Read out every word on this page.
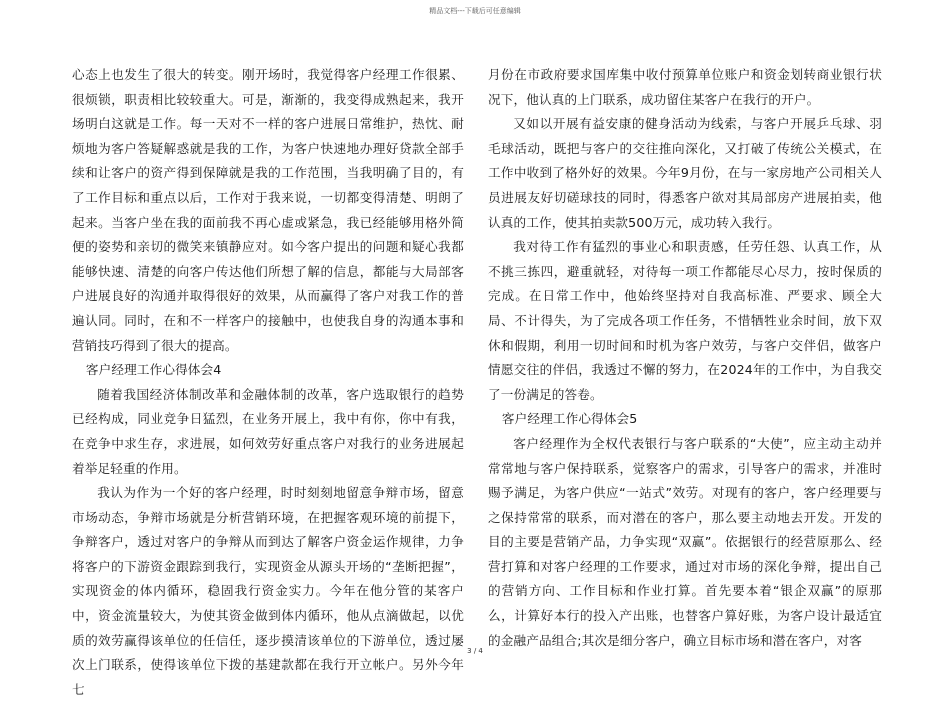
精品文档---下载后可任意编辑

心态上也发生了很大的转变。刚开场时，我觉得客户经理工作很累、很烦锁，职责相比较较重大。可是，渐渐的，我变得成熟起来，我开场明白这就是工作。每一天对不一样的客户进展日常维护，热忱、耐烦地为客户答疑解惑就是我的工作，为客户快速地办理好贷款全部手续和让客户的资产得到保障就是我的工作范围，当我明确了目的，有了工作目标和重点以后，工作对于我来说，一切都变得清楚、明朗了起来。当客户坐在我的面前我不再心虚或紧急，我已经能够用格外简便的姿势和亲切的微笑来镇静应对。如今客户提出的问题和疑心我都能够快速、清楚的向客户传达他们所想了解的信息，都能与大局部客户进展良好的沟通并取得很好的效果，从而赢得了客户对我工作的普遍认同。同时，在和不一样客户的接触中，也使我自身的沟通本事和营销技巧得到了很大的提高。

客户经理工作心得体会4

随着我国经济体制改革和金融体制的改革，客户选取银行的趋势已经构成，同业竞争日猛烈，在业务开展上，我中有你，你中有我，在竞争中求生存，求进展，如何效劳好重点客户对我行的业务进展起着举足轻重的作用。

我认为作为一个好的客户经理，时时刻刻地留意争辩市场，留意市场动态，争辩市场就是分析营销环境，在把握客观环境的前提下，争辩客户，透过对客户的争辩从而到达了解客户资金运作规律，力争将客户的下游资金跟踪到我行，实现资金从源头开场的“垄断把握”，实现资金的体内循环，稳固我行资金实力。今年在他分管的某客户中，资金流量较大，为使其资金做到体内循环，他从点滴做起，以优质的效劳赢得该单位的任信任，逐步摸清该单位的下游单位，透过屡次上门联系，使得该单位下拨的基建款都在我行开立帐户。另外今年七

月份在市政府要求国库集中收付预算单位账户和资金划转商业银行状况下，他认真的上门联系，成功留住某客户在我行的开户。

又如以开展有益安康的健身活动为线索，与客户开展乒乓球、羽毛球活动，既把与客户的交往推向深化，又打破了传统公关模式，在工作中收到了格外好的效果。今年9月份，在与一家房地产公司相关人员进展友好切磋球技的同时，得悉客户欲对其局部房产进展拍卖，他认真的工作，使其拍卖款500万元，成功转入我行。

我对待工作有猛烈的事业心和职责感，任劳任怨、认真工作，从不挑三拣四，避重就轻，对待每一项工作都能尽心尽力，按时保质的完成。在日常工作中，他始终坚持对自我高标准、严要求、顾全大局、不计得失，为了完成各项工作任务，不惜牺牲业余时间，放下双休和假期，利用一切时间和时机为客户效劳，与客户交伴侣，做客户情愿交往的伴侣，我透过不懈的努力，在2024年的工作中，为自我交了一份满足的答卷。

客户经理工作心得体会5

客户经理作为全权代表银行与客户联系的“大使”，应主动主动并常常地与客户保持联系，觉察客户的需求，引导客户的需求，并准时赐予满足，为客户供应“一站式”效劳。对现有的客户，客户经理要与之保持常常的联系，而对潜在的客户，那么要主动地去开发。开发的目的主要是营销产品，力争实现“双赢”。依据银行的经营原那么、经营打算和对客户经理的工作要求，通过对市场的深化争辩，提出自己的营销方向、工作目标和作业打算。首先要本着“银企双赢”的原那么，计算好本行的投入产出账，也替客户算好账，为客户设计最适宜的金融产品组合;其次是细分客户，确立目标市场和潜在客户，对客

3 / 4
